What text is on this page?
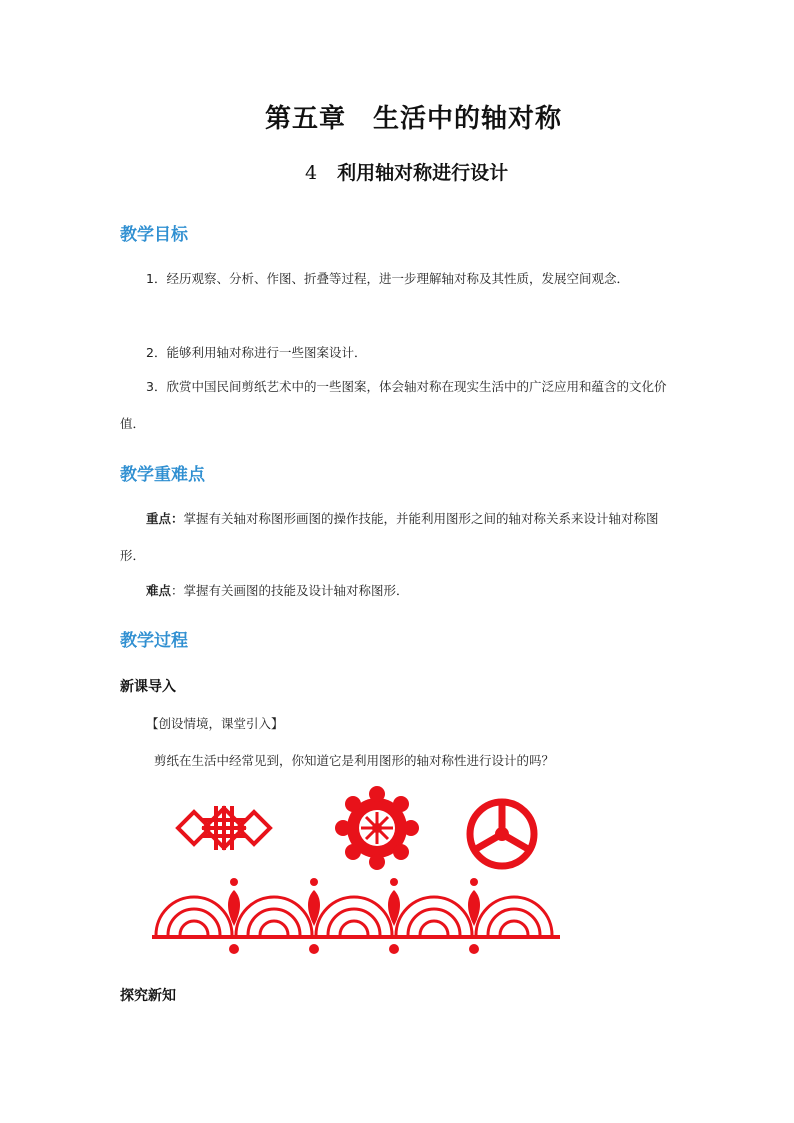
第五章　生活中的轴对称
4 利用轴对称进行设计
教学目标
1．经历观察、分析、作图、折叠等过程，进一步理解轴对称及其性质，发展空间观念．
2．能够利用轴对称进行一些图案设计．
3．欣赏中国民间剪纸艺术中的一些图案，体会轴对称在现实生活中的广泛应用和蕴含的文化价值．
教学重难点
重点：掌握有关轴对称图形画图的操作技能，并能利用图形之间的轴对称关系来设计轴对称图形．
难点：掌握有关画图的技能及设计轴对称图形．
教学过程
新课导入
【创设情境，课堂引入】
剪纸在生活中经常见到，你知道它是利用图形的轴对称性进行设计的吗？
探究新知
